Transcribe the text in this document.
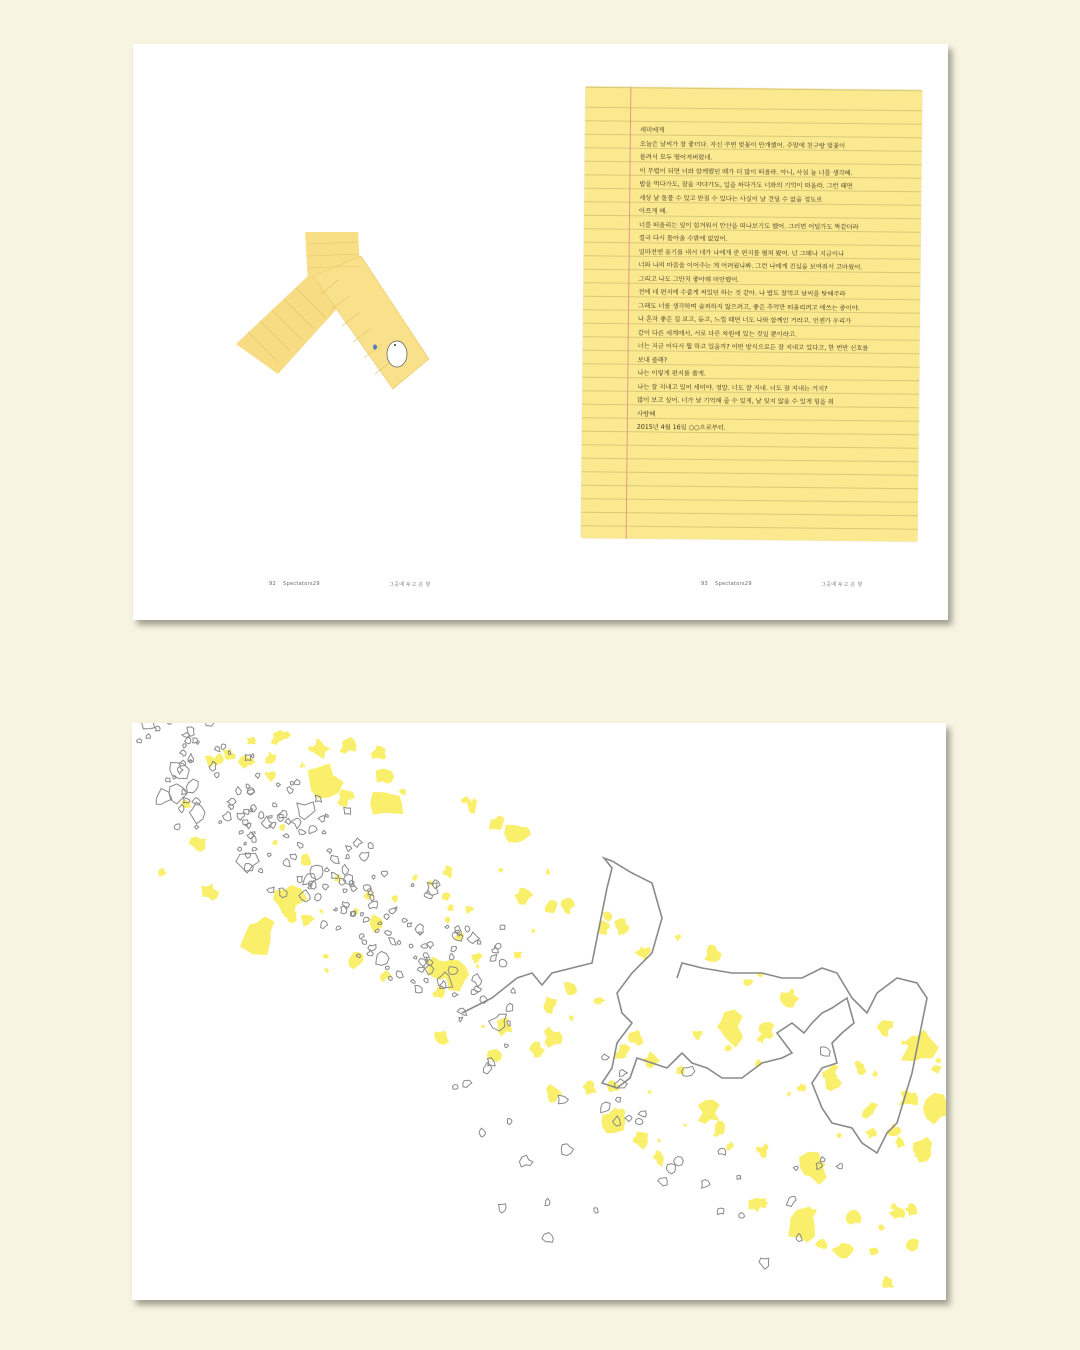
세미에게
오늘은 날씨가 참 좋더다. 자신 주변 벚꽃이 만개했어. 주말에 친구랑 벚꽃이
몰려서 모두 떨어져버렸네.
이 무렵이 되면 너와 함께했던 때가 더 많이 떠올라. 아니, 사실 늘 너를 생각해.
밥을 먹다가도, 잠을 자다가도, 일을 하다가도 너와의 기억이 떠올라. 그런 때면
세상 날 돌볼 수 있고 만질 수 있다는 사실이 날 견딜 수 없을 정도로
아프게 해.
너를 떠올리는 일이 힘겨워서 안산을 떠나보기도 했어. 그러면 어딜가도 똑같더라
결국 다시 돌아올 수밖에 없었어.
얼마전엔 용기를 내서 네가 나에게 준 편지를 펼쳐 봤어. 넌 그때나 지금이나
너와 나의 마음을 이어주는 게 어려웠나봐. 그런 나에게 진심을 보여줘서 고마웠어.
그리고 나도 그만치 좋아해 미안했어.
전에 네 편지에 수줍게 써있던 하는 것 같아. 나 밥도 잘먹고 날씨를 탓해주라
그래도 너를 생각하며 슬퍼하지 않으려고, 좋은 추억만 떠올리려고 애쓰는 중이야.
나 혼자 좋은 길 보고, 듣고, 느낄 때면 너도 나와 함께인 거라고. 언젠가 우리가
같이 다른 세계에서, 서로 다른 차원에 있는 것일 뿐이라고.
너는 지금 어디서 뭘 하고 있을까? 어떤 방식으로든 잘 지내고 있다고, 한 번만 신호를
보내 줄래?
나는 이렇게 편지를 쓸게.
나는 잘 지내고 있어 세미야. 정말. 너도 잘 지내. 너도 잘 지내는 거지?
많이 보고 싶어. 너가 날 기억해 줄 수 있게, 날 잊지 않을 수 있게 힘을 줘
사랑해
2015년 4월 16일 ○○으로부터.
92 Spectators29	그곳에 두고 온 방	93 Spectators29	그곳에 두고 온 방
